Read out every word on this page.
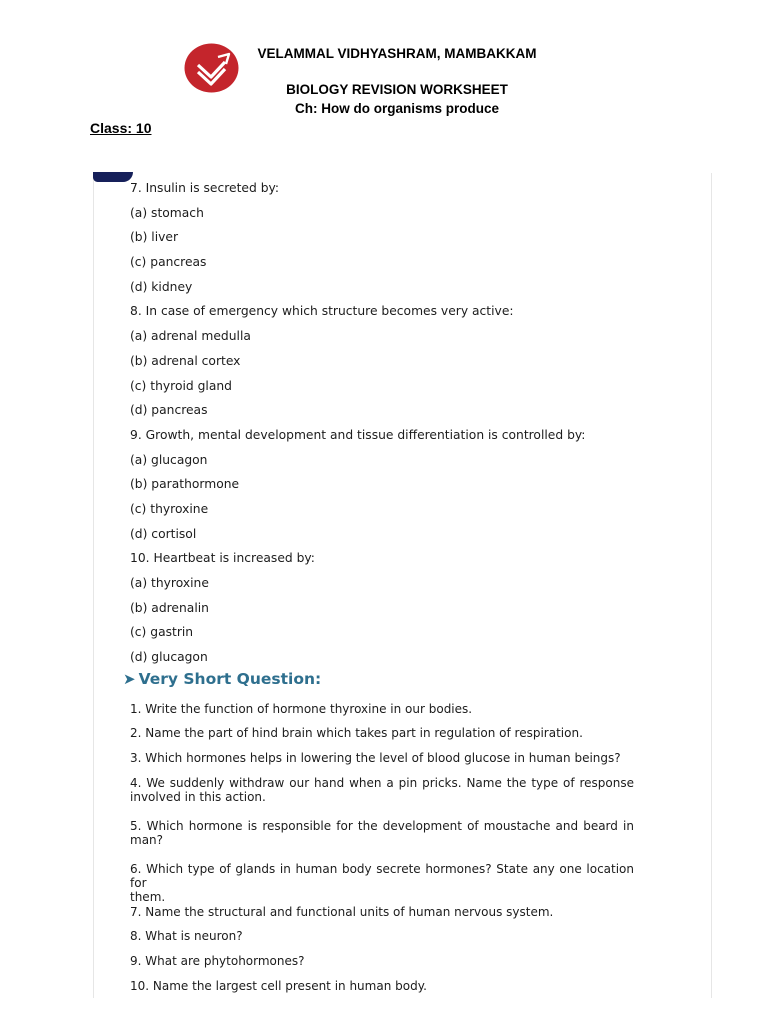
VELAMMAL VIDHYASHRAM, MAMBAKKAM
BIOLOGY REVISION WORKSHEET
Ch: How do organisms produce
Class: 10
7. Insulin is secreted by:
(a) stomach
(b) liver
(c) pancreas
(d) kidney
8. In case of emergency which structure becomes very active:
(a) adrenal medulla
(b) adrenal cortex
(c) thyroid gland
(d) pancreas
9. Growth, mental development and tissue differentiation is controlled by:
(a) glucagon
(b) parathormone
(c) thyroxine
(d) cortisol
10. Heartbeat is increased by:
(a) thyroxine
(b) adrenalin
(c) gastrin
(d) glucagon
➤ Very Short Question:
1. Write the function of hormone thyroxine in our bodies.
2. Name the part of hind brain which takes part in regulation of respiration.
3. Which hormones helps in lowering the level of blood glucose in human beings?
4. We suddenly withdraw our hand when a pin pricks. Name the type of response
involved in this action.
5. Which hormone is responsible for the development of moustache and beard in
man?
6. Which type of glands in human body secrete hormones? State any one location for
them.
7. Name the structural and functional units of human nervous system.
8. What is neuron?
9. What are phytohormones?
10. Name the largest cell present in human body.
